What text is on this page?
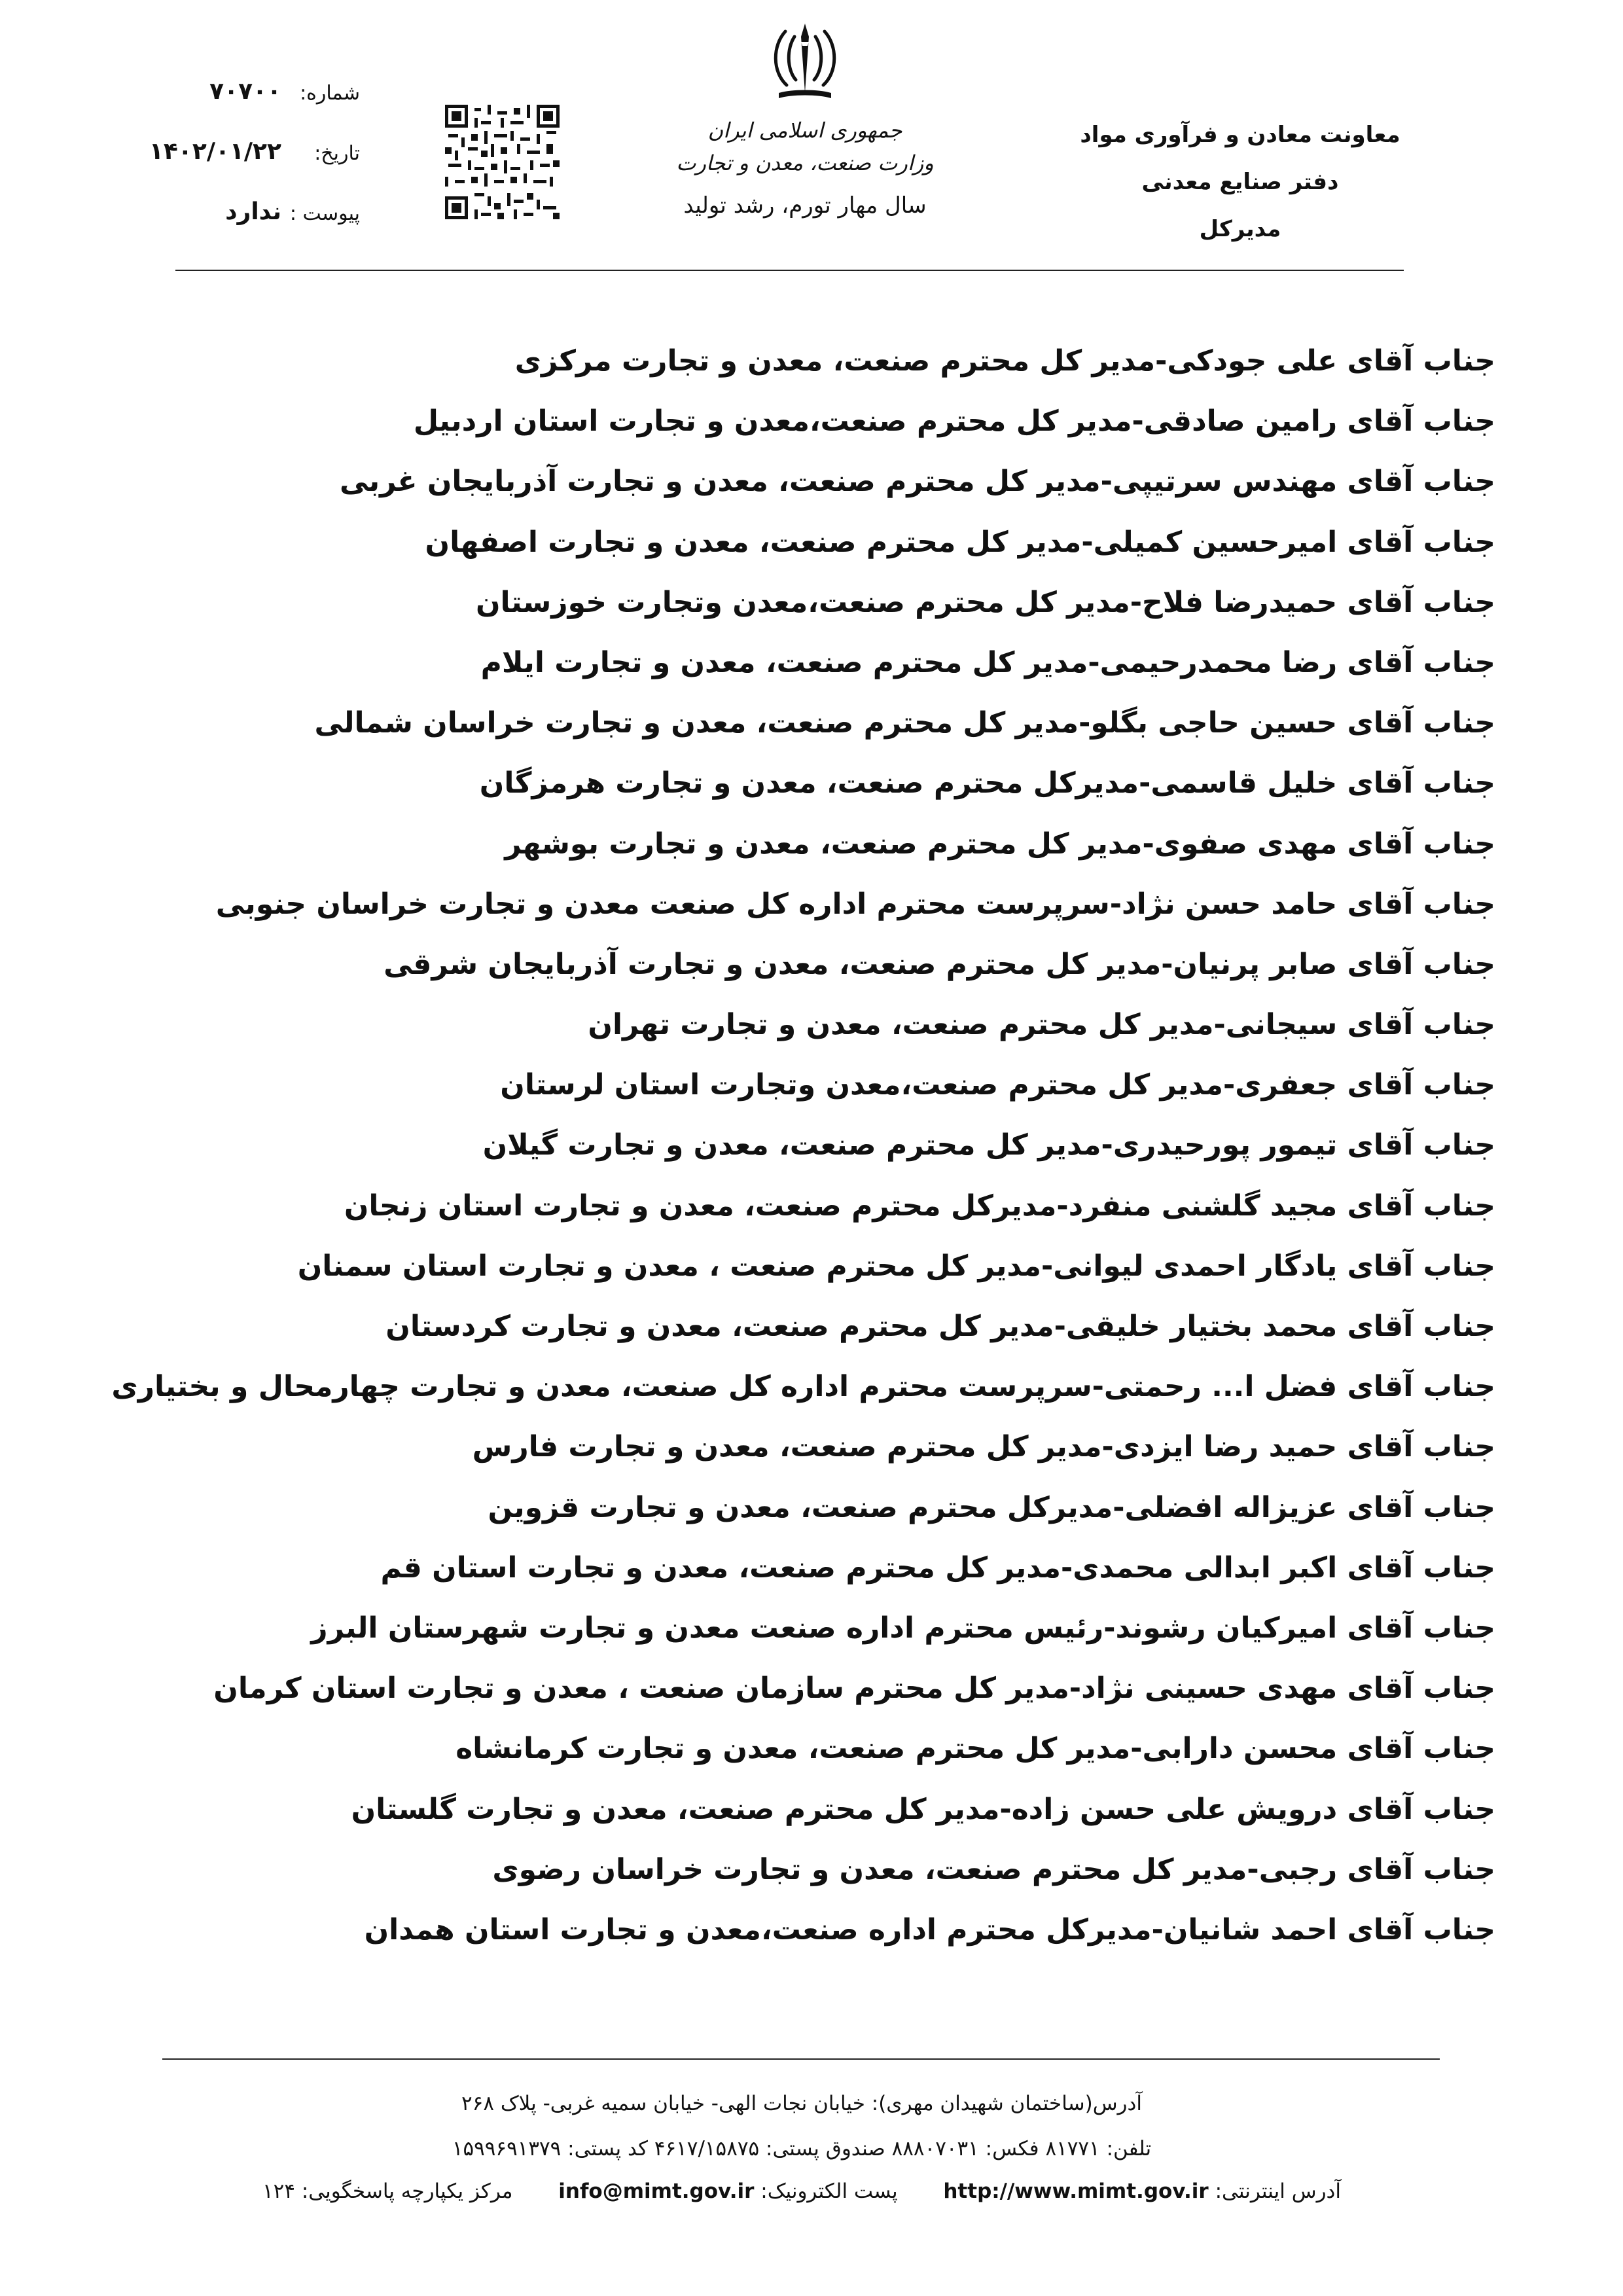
معاونت معادن و فرآوری مواد
دفتر صنایع معدنی
مدیرکل
جمهوری اسلامی ایران
وزارت صنعت، معدن و تجارت
سال مهار تورم، رشد تولید
شماره:
۷۰۷۰۰
تاریخ:
۱۴۰۲/۰۱/۲۲
پیوست :
ندارد
جناب آقای علی جودکی-مدیر کل محترم صنعت، معدن و تجارت مرکزی
جناب آقای رامین صادقی-مدیر کل محترم صنعت،معدن و تجارت استان اردبیل
جناب آقای مهندس سرتیپی-مدیر کل محترم صنعت، معدن و تجارت آذربایجان غربی
جناب آقای امیرحسین کمیلی-مدیر کل محترم صنعت، معدن و تجارت اصفهان
جناب آقای حمیدرضا فلاح-مدیر کل محترم صنعت،معدن وتجارت خوزستان
جناب آقای رضا محمدرحیمی-مدیر کل محترم صنعت، معدن و تجارت ایلام
جناب آقای حسین حاجی بگلو-مدیر کل محترم صنعت، معدن و تجارت خراسان شمالی
جناب آقای خلیل قاسمی-مدیرکل محترم صنعت، معدن و تجارت هرمزگان
جناب آقای مهدی صفوی-مدیر کل محترم صنعت، معدن و تجارت بوشهر
جناب آقای حامد حسن نژاد-سرپرست محترم اداره کل صنعت معدن و تجارت خراسان جنوبی
جناب آقای صابر پرنیان-مدیر کل محترم صنعت، معدن و تجارت آذربایجان شرقی
جناب آقای سیجانی-مدیر کل محترم صنعت، معدن و تجارت تهران
جناب آقای جعفری-مدیر کل محترم صنعت،معدن وتجارت استان لرستان
جناب آقای تیمور پورحیدری-مدیر کل محترم صنعت، معدن و تجارت گیلان
جناب آقای مجید گلشنی منفرد-مدیرکل محترم صنعت، معدن و تجارت استان زنجان
جناب آقای یادگار احمدی لیوانی-مدیر کل محترم صنعت ، معدن و تجارت استان سمنان
جناب آقای محمد بختیار خلیقی-مدیر کل محترم صنعت، معدن و تجارت کردستان
جناب آقای فضل ا... رحمتی-سرپرست محترم اداره کل صنعت، معدن و تجارت چهارمحال و بختیاری
جناب آقای حمید رضا ایزدی-مدیر کل محترم صنعت، معدن و تجارت فارس
جناب آقای عزیزاله افضلی-مدیرکل محترم صنعت، معدن و تجارت قزوین
جناب آقای اکبر ابدالی محمدی-مدیر کل محترم صنعت، معدن و تجارت استان قم
جناب آقای امیرکیان رشوند-رئیس محترم اداره صنعت معدن و تجارت شهرستان البرز
جناب آقای مهدی حسینی نژاد-مدیر کل محترم سازمان صنعت ، معدن و تجارت استان کرمان
جناب آقای محسن دارابی-مدیر کل محترم صنعت، معدن و تجارت کرمانشاه
جناب آقای درویش علی حسن زاده-مدیر کل محترم صنعت، معدن و تجارت گلستان
جناب آقای رجبی-مدیر کل محترم صنعت، معدن و تجارت خراسان رضوی
جناب آقای احمد شانیان-مدیرکل محترم اداره صنعت،معدن و تجارت استان همدان
آدرس(ساختمان شهیدان مهری): خیابان نجات الهی- خیابان سمیه غربی- پلاک ۲۶۸
تلفن: ۸۱۷۷۱ فکس: ۸۸۸۰۷۰۳۱ صندوق پستی: ۴۶۱۷/۱۵۸۷۵ کد پستی: ۱۵۹۹۶۹۱۳۷۹
آدرس اینترنتی: http://www.mimt.gov.ir  پست الکترونیک: info@mimt.gov.ir  مرکز یکپارچه پاسخگویی: ۱۲۴
